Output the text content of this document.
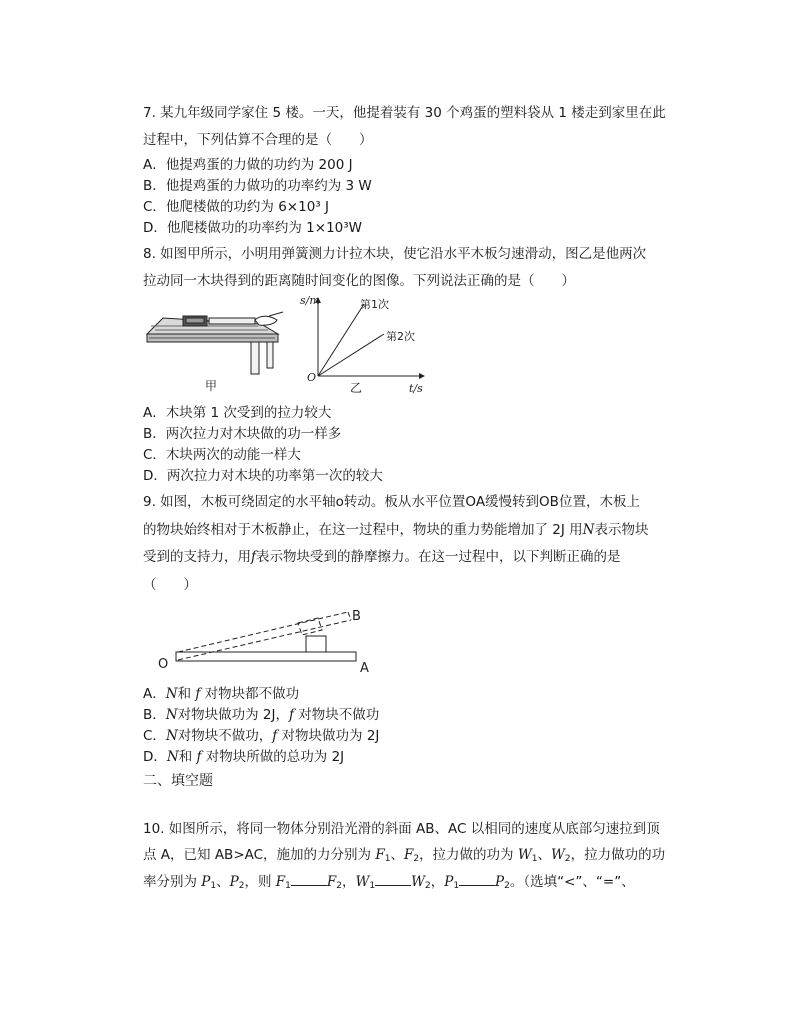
7. 某九年级同学家住 5 楼。一天，他提着装有 30 个鸡蛋的塑料袋从 1 楼走到家里在此
过程中，下列估算不合理的是（　　）
A．他提鸡蛋的力做的功约为 200 J
B．他提鸡蛋的力做功的功率约为 3 W
C．他爬楼做的功约为 6×10³ J
D．他爬楼做功的功率约为 1×10³W
8. 如图甲所示，小明用弹簧测力计拉木块，使它沿水平木板匀速滑动，图乙是他两次
拉动同一木块得到的距离随时间变化的图像。下列说法正确的是（　　）
甲
s/m
t/s
O
第1次
第2次
乙
A．木块第 1 次受到的拉力较大
B．两次拉力对木块做的功一样多
C．木块两次的动能一样大
D．两次拉力对木块的功率第一次的较大
9. 如图，木板可绕固定的水平轴o转动。板从水平位置OA缓慢转到OB位置，木板上
的物块始终相对于木板静止，在这一过程中，物块的重力势能增加了 2J 用N表示物块
受到的支持力，用f表示物块受到的静摩擦力。在这一过程中，以下判断正确的是
（　　）
O	A
B
A．N和 f 对物块都不做功
B．N对物块做功为 2J，f 对物块不做功
C．N对物块不做功，f 对物块做功为 2J
D．N和 f 对物块所做的总功为 2J
二、填空题
10. 如图所示，将同一物体分别沿光滑的斜面 AB、AC 以相同的速度从底部匀速拉到顶
点 A，已知 AB>AC，施加的力分别为 $F_1$、$F_2$，拉力做的功为 $W_1$、$W_2$，拉力做功的功
率分别为 $P_1$、$P_2$，则 $F_1$	$F_2$，$W_1$	$W_2$，$P_1$	$P_2$。（选填“<”、“=”、
